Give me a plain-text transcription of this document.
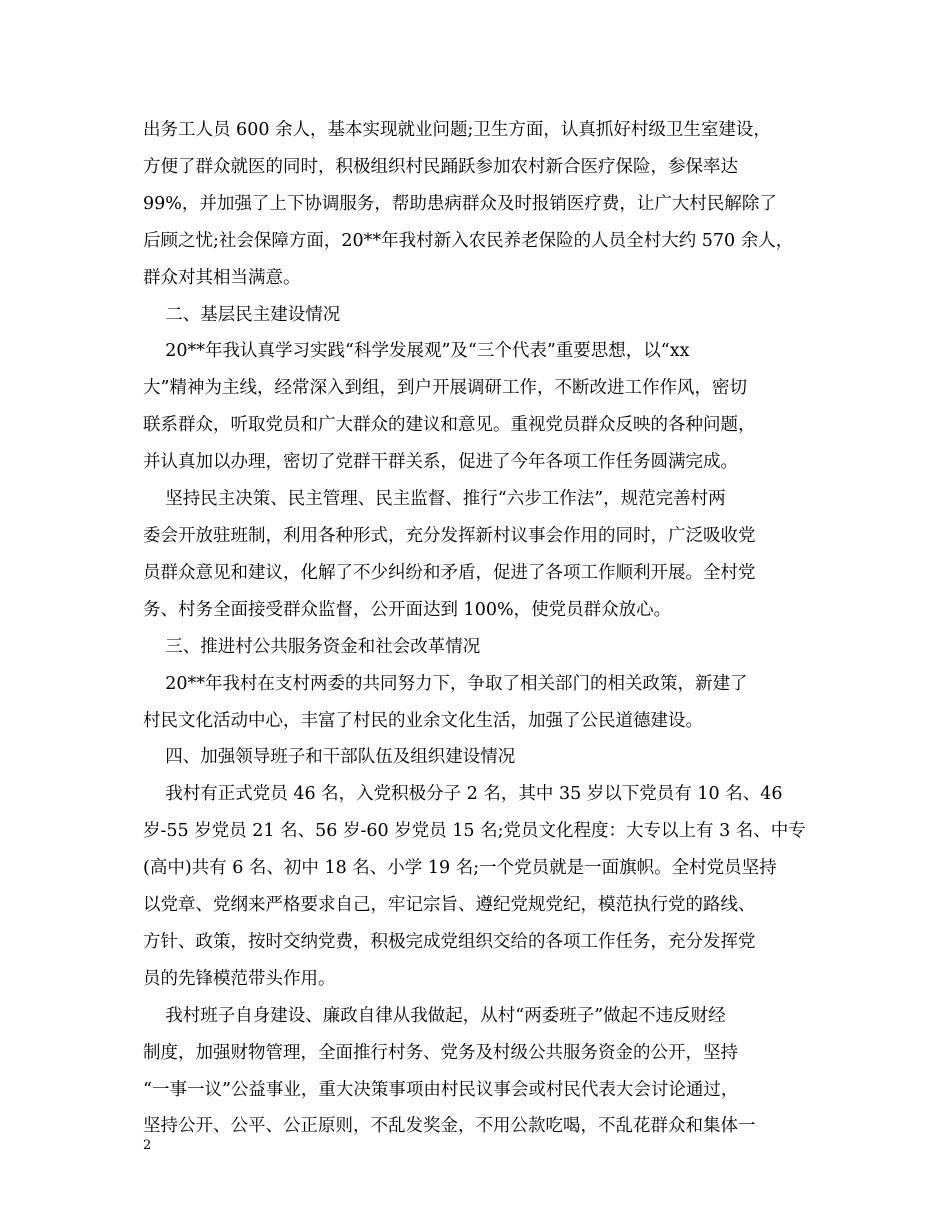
出务工人员 600 余人，基本实现就业问题;卫生方面，认真抓好村级卫生室建设，
方便了群众就医的同时，积极组织村民踊跃参加农村新合医疗保险，参保率达
99%，并加强了上下协调服务，帮助患病群众及时报销医疗费，让广大村民解除了
后顾之忧;社会保障方面，20**年我村新入农民养老保险的人员全村大约 570 余人，
群众对其相当满意。

二、基层民主建设情况

20**年我认真学习实践“科学发展观”及“三个代表”重要思想，以“xx
大”精神为主线，经常深入到组，到户开展调研工作，不断改进工作作风，密切
联系群众，听取党员和广大群众的建议和意见。重视党员群众反映的各种问题，
并认真加以办理，密切了党群干群关系，促进了今年各项工作任务圆满完成。

坚持民主决策、民主管理、民主监督、推行“六步工作法”，规范完善村两
委会开放驻班制，利用各种形式，充分发挥新村议事会作用的同时，广泛吸收党
员群众意见和建议，化解了不少纠纷和矛盾，促进了各项工作顺利开展。全村党
务、村务全面接受群众监督，公开面达到 100%，使党员群众放心。

三、推进村公共服务资金和社会改革情况

20**年我村在支村两委的共同努力下，争取了相关部门的相关政策，新建了
村民文化活动中心，丰富了村民的业余文化生活，加强了公民道德建设。

四、加强领导班子和干部队伍及组织建设情况

我村有正式党员 46 名，入党积极分子 2 名，其中 35 岁以下党员有 10 名、46
岁-55 岁党员 21 名、56 岁-60 岁党员 15 名;党员文化程度：大专以上有 3 名、中专
(高中)共有 6 名、初中 18 名、小学 19 名;一个党员就是一面旗帜。全村党员坚持
以党章、党纲来严格要求自己，牢记宗旨、遵纪党规党纪，模范执行党的路线、
方针、政策，按时交纳党费，积极完成党组织交给的各项工作任务，充分发挥党
员的先锋模范带头作用。

我村班子自身建设、廉政自律从我做起，从村“两委班子”做起不违反财经
制度，加强财物管理，全面推行村务、党务及村级公共服务资金的公开，坚持
“一事一议”公益事业，重大决策事项由村民议事会或村民代表大会讨论通过，
坚持公开、公平、公正原则，不乱发奖金，不用公款吃喝，不乱花群众和集体一

2
